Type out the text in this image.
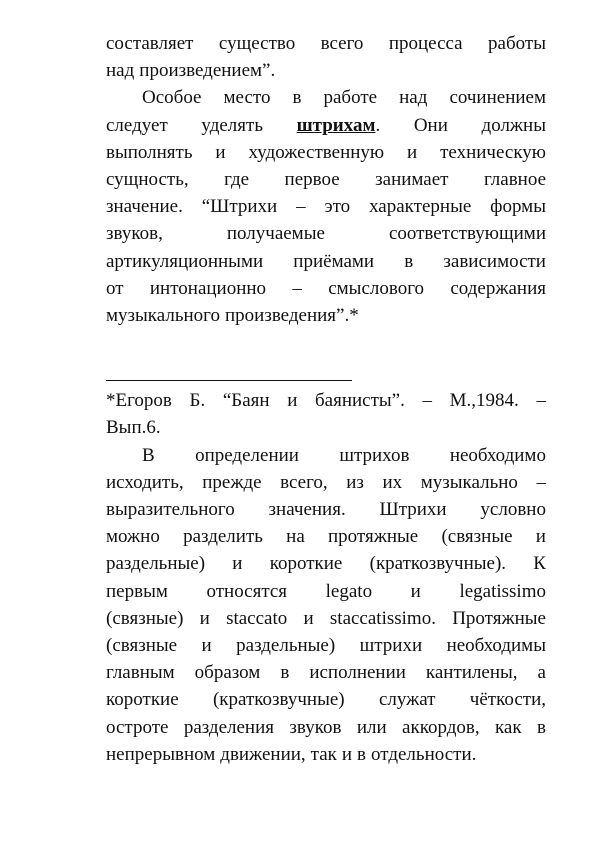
составляет существо всего процесса работы
над произведением”.
Особое место в работе над сочинением
следует уделять штрихам. Они должны
выполнять и художественную и техническую
сущность, где первое занимает главное
значение. “Штрихи – это характерные формы
звуков,	получаемые	соответствующими
артикуляционными приёмами в зависимости
от интонационно – смыслового содержания
музыкального произведения”.*
*Егоров Б. “Баян и баянисты”. – М.,1984. –
Вып.6.
В определении штрихов необходимо
исходить, прежде всего, из их музыкально –
выразительного значения. Штрихи условно
можно разделить на протяжные (связные и
раздельные) и короткие (краткозвучные). К
первым относятся legato и legatissimo
(связные) и staccato и staccatissimo. Протяжные
(связные и раздельные) штрихи необходимы
главным образом в исполнении кантилены, а
короткие (краткозвучные) служат чёткости,
остроте разделения звуков или аккордов, как в
непрерывном движении, так и в отдельности.
